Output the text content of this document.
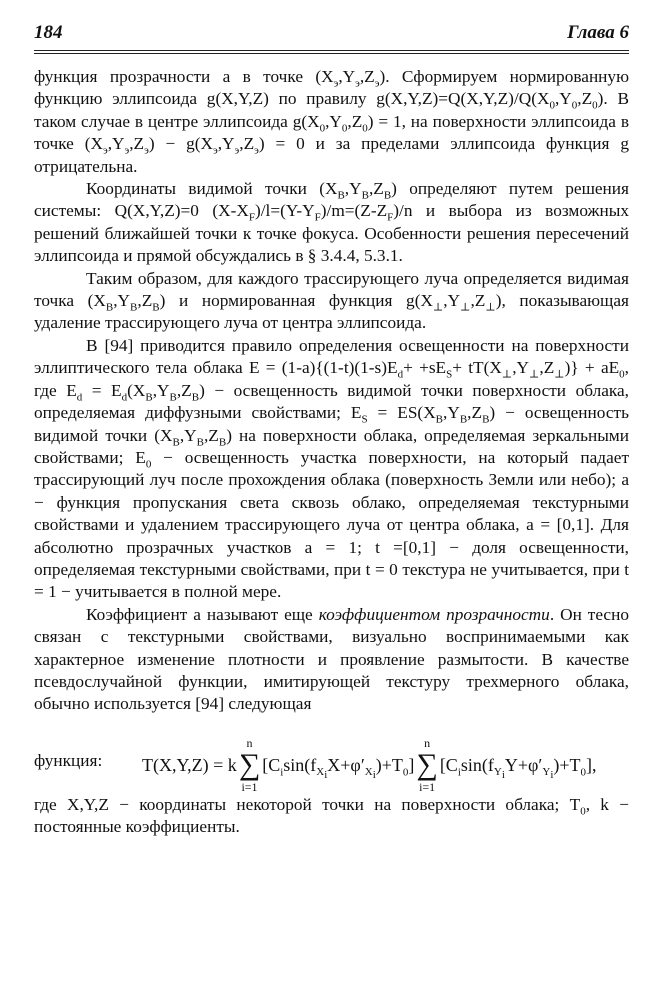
184	Глава 6

функция прозрачности а в точке $(X_э,Y_э,Z_э)$. Сформируем нормированную функцию эллипсоида g(X,Y,Z) по правилу $g(X,Y,Z)=Q(X,Y,Z)/Q(X_0,Y_0,Z_0)$. В таком случае в центре эллипсоида $g(X_0,Y_0,Z_0) = 1$, на поверхности эллипсоида в точке $(X_э,Y_э,Z_э) - g(X_э,Y_э,Z_э) = 0$ и за пределами эллипсоида функция g отрицательна.

Координаты видимой точки $(X_B,Y_B,Z_B)$ определяют путем решения системы: Q(X,Y,Z)=0 $(X-X_F)/l=(Y-Y_F)/m=(Z-Z_F)/n$ и выбора из возможных решений ближайшей точки к точке фокуса. Особенности решения пересечений эллипсоида и прямой обсуждались в § 3.4.4, 5.3.1.

Таким образом, для каждого трассирующего луча определяется видимая точка $(X_B,Y_B,Z_B)$ и нормированная функция $g(X_\perp,Y_\perp,Z_\perp)$, показывающая удаление трассирующего луча от центра эллипсоида.

В [94] приводится правило определения освещенности на поверхности эллиптического тела облака $E = (1-a)\{(1-t)(1-s)E_d+ +sE_S+ tT(X_\perp,Y_\perp,Z_\perp)\} + aE_0$, где $E_d = E_d(X_B,Y_B,Z_B)$ − освещенность видимой точки поверхности облака, определяемая диффузными свойствами; $E_S = ES(X_B,Y_B,Z_B)$ − освещенность видимой точки $(X_B,Y_B,Z_B)$ на поверхности облака, определяемая зеркальными свойствами; $E_0$ − освещенность участка поверхности, на который падает трассирующий луч после прохождения облака (поверхность Земли или небо); а − функция пропускания света сквозь облако, определяемая текстурными свойствами и удалением трассирующего луча от центра облака, a = [0,1]. Для абсолютно прозрачных участков a = 1; t =[0,1] − доля освещенности, определяемая текстурными свойствами, при t = 0 текстура не учитывается, при t = 1 − учитывается в полной мере.

Коэффициент а называют еще коэффициентом прозрачности. Он тесно связан с текстурными свойствами, визуально воспринимаемыми как характерное изменение плотности и проявление размытости. В качестве псевдослучайной функции, имитирующей текстуру трехмерного облака, обычно используется [94] следующая

функция:	T(X,Y,Z) = k
n
∑
i=1
$[C_i\sin(f_{X_i}X+\varphi'_{X_i})+T_0]$
n
∑
i=1
$[C_i\sin(f_{Y_i}Y+\varphi'_{Y_i})+T_0]$,

где X,Y,Z − координаты некоторой точки на поверхности облака; $T_0$, k − постоянные коэффициенты.
